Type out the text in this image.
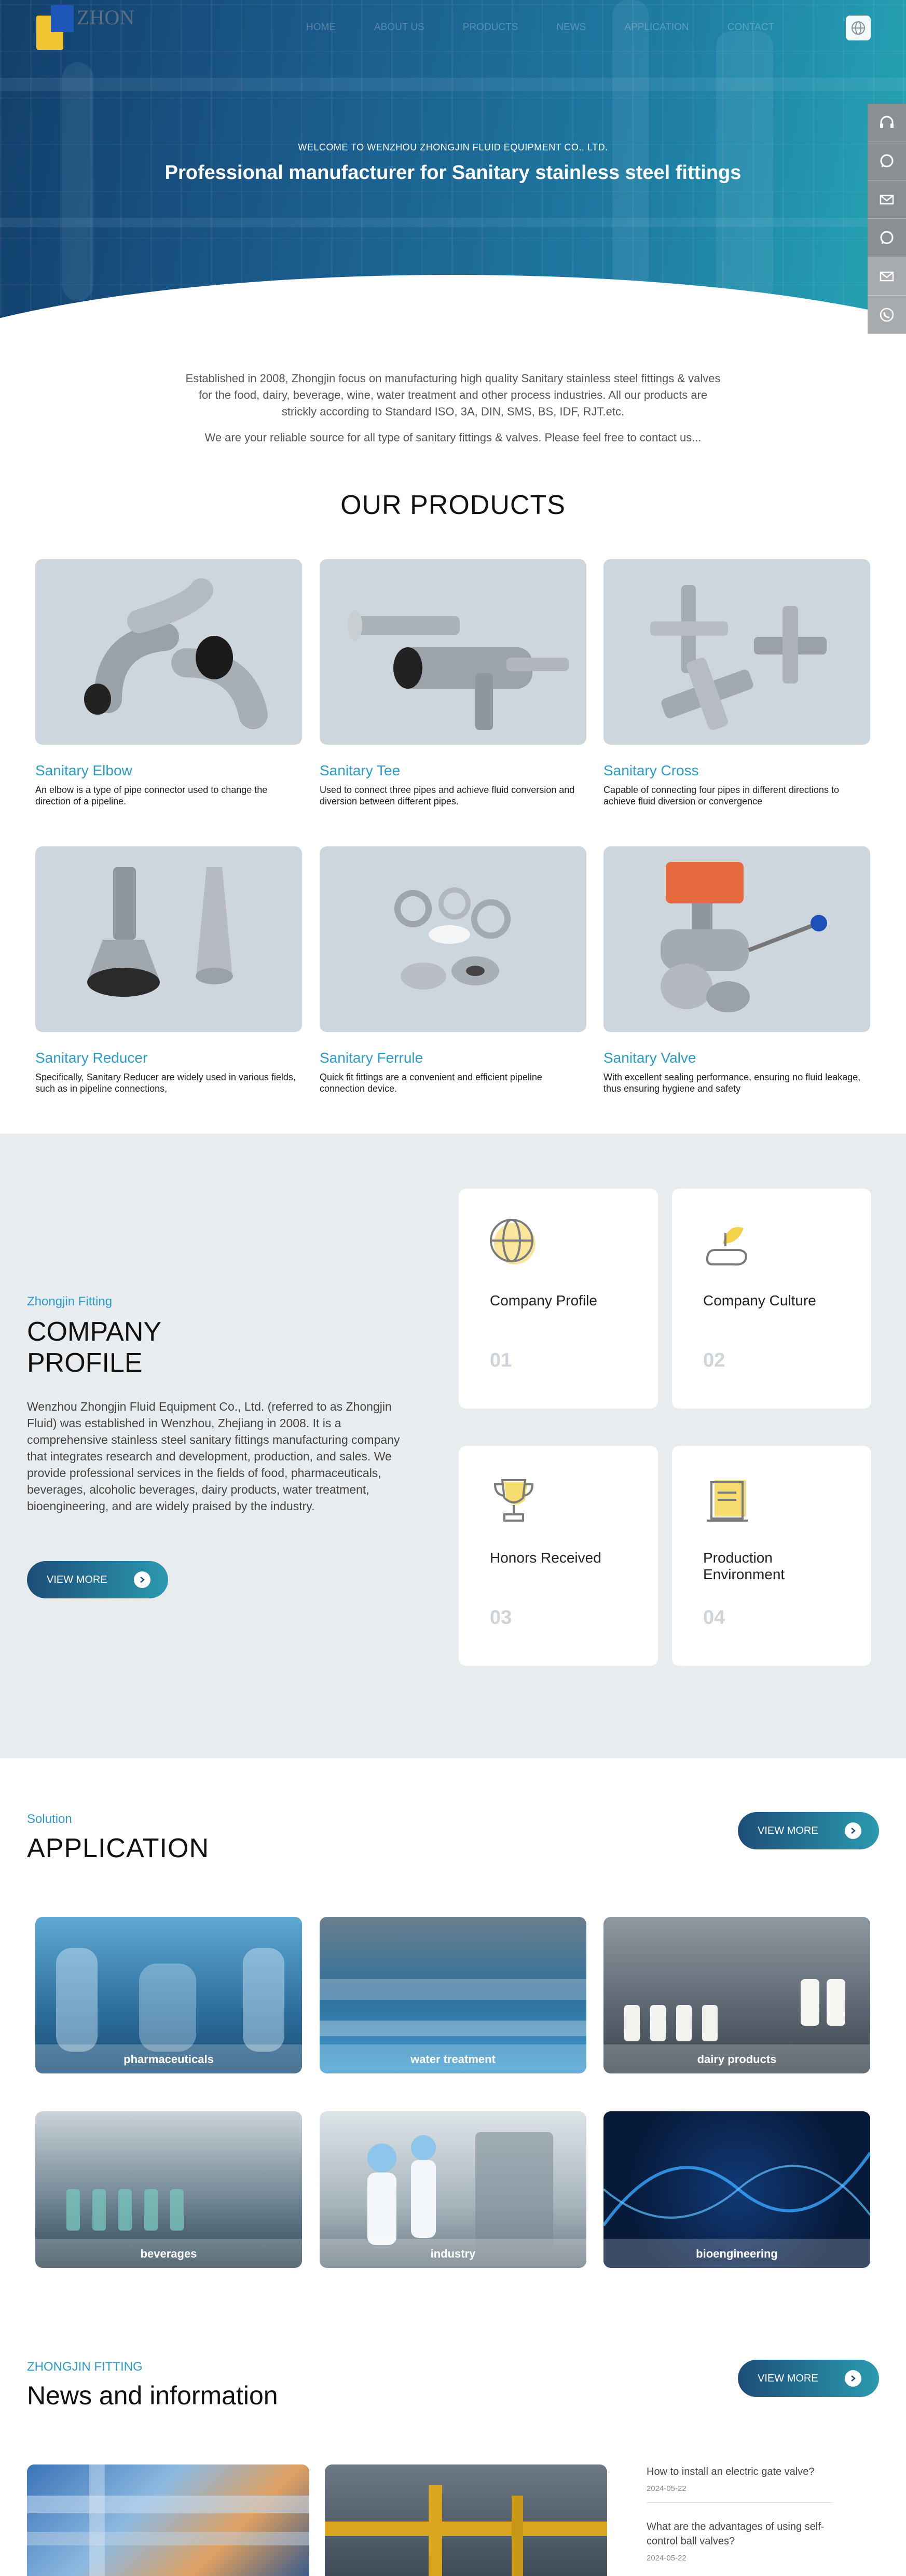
ZHON	HOME	ABOUT US	PRODUCTS	NEWS	APPLICATION	CONTACT
WELCOME TO WENZHOU ZHONGJIN FLUID EQUIPMENT CO., LTD.
Professional manufacturer for Sanitary stainless steel fittings

Established in 2008, Zhongjin focus on manufacturing high quality Sanitary stainless steel fittings & valves for the food, dairy, beverage, wine, water treatment and other process industries. All our products are strickly according to Standard ISO, 3A, DIN, SMS, BS, IDF, RJT.etc.

We are your reliable source for all type of sanitary fittings & valves. Please feel free to contact us...

OUR PRODUCTS
Sanitary Elbow
An elbow is a type of pipe connector used to change the direction of a pipeline.
Sanitary Tee
Used to connect three pipes and achieve fluid conversion and diversion between different pipes.
Sanitary Cross
Capable of connecting four pipes in different directions to achieve fluid diversion or convergence
Sanitary Reducer
Specifically, Sanitary Reducer are widely used in various fields, such as in pipeline connections,
Sanitary Ferrule
Quick fit fittings are a convenient and efficient pipeline connection device.
Sanitary Valve
With excellent sealing performance, ensuring no fluid leakage, thus ensuring hygiene and safety
Zhongjin Fitting
COMPANY PROFILE
Wenzhou Zhongjin Fluid Equipment Co., Ltd. (referred to as Zhongjin Fluid) was established in Wenzhou, Zhejiang in 2008. It is a comprehensive stainless steel sanitary fittings manufacturing company that integrates research and development, production, and sales. We provide professional services in the fields of food, pharmaceuticals, beverages, alcoholic beverages, dairy products, water treatment, bioengineering, and are widely praised by the industry.
VIEW MORE
Company Profile
01
Company Culture
02
Honors Received
03
Production Environment
04
Solution
APPLICATION
VIEW MORE
pharmaceuticals	water treatment	dairy products
beverages	industry	bioengineering
ZHONGJIN FITTING
News and information
VIEW MORE
How to install an electric gate valve?
2024-05-22
What are the advantages of using self-control ball valves?
2024-05-22
